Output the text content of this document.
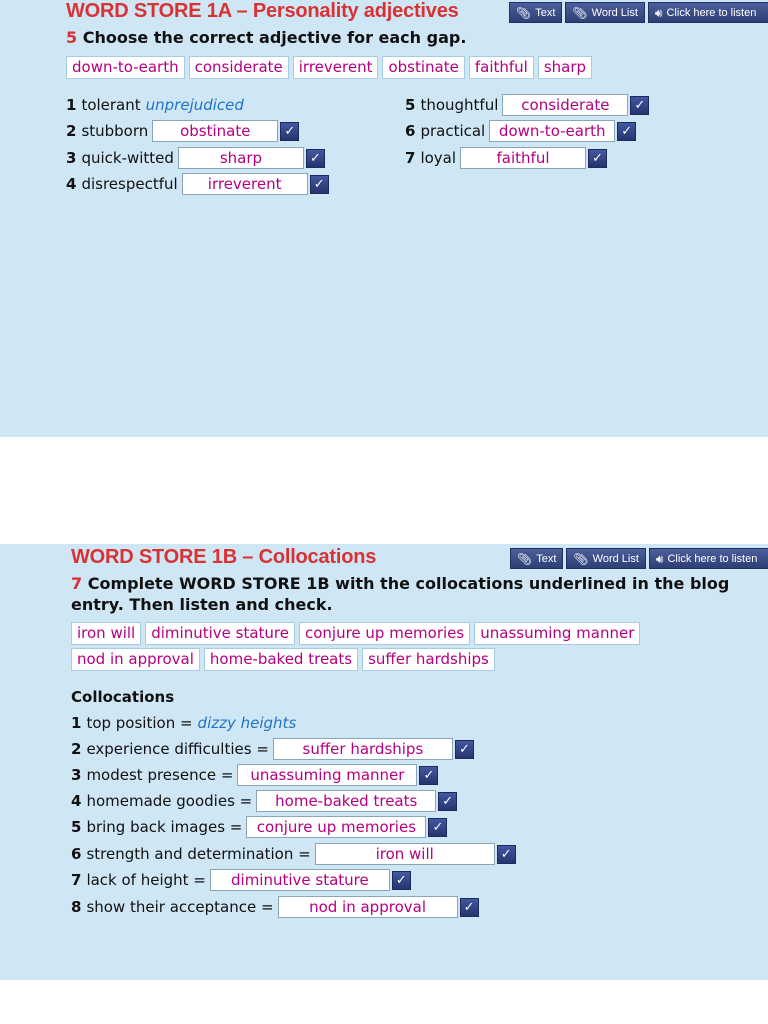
WORD STORE 1A – Personality adjectives	📎︎ Text 📎︎ Word List 🔊︎ Click here to listen
5 Choose the correct adjective for each gap.
down-to-earth	considerate	irreverent	obstinate	faithful	sharp
1 tolerant unprejudiced
2 stubborn	obstinate	✓
3 quick-witted	sharp	✓
4 disrespectful	irreverent	✓
5 thoughtful	considerate	✓
6 practical down-to-earth	✓
7 loyal	faithful	✓
WORD STORE 1B – Collocations	📎︎ Text 📎︎ Word List 🔊︎ Click here to listen
7 Complete WORD STORE 1B with the collocations underlined in the blog entry. Then listen and check.
iron will	diminutive stature	conjure up memories	unassuming manner
nod in approval	home-baked treats	suffer hardships
Collocations
1 top position = dizzy heights
2 experience difficulties =	suffer hardships	✓
3 modest presence =	unassuming manner	✓
4 homemade goodies =	home-baked treats	✓
5 bring back images = conjure up memories	✓
6 strength and determination =	iron will	✓
7 lack of height =	diminutive stature	✓
8 show their acceptance =	nod in approval	✓
